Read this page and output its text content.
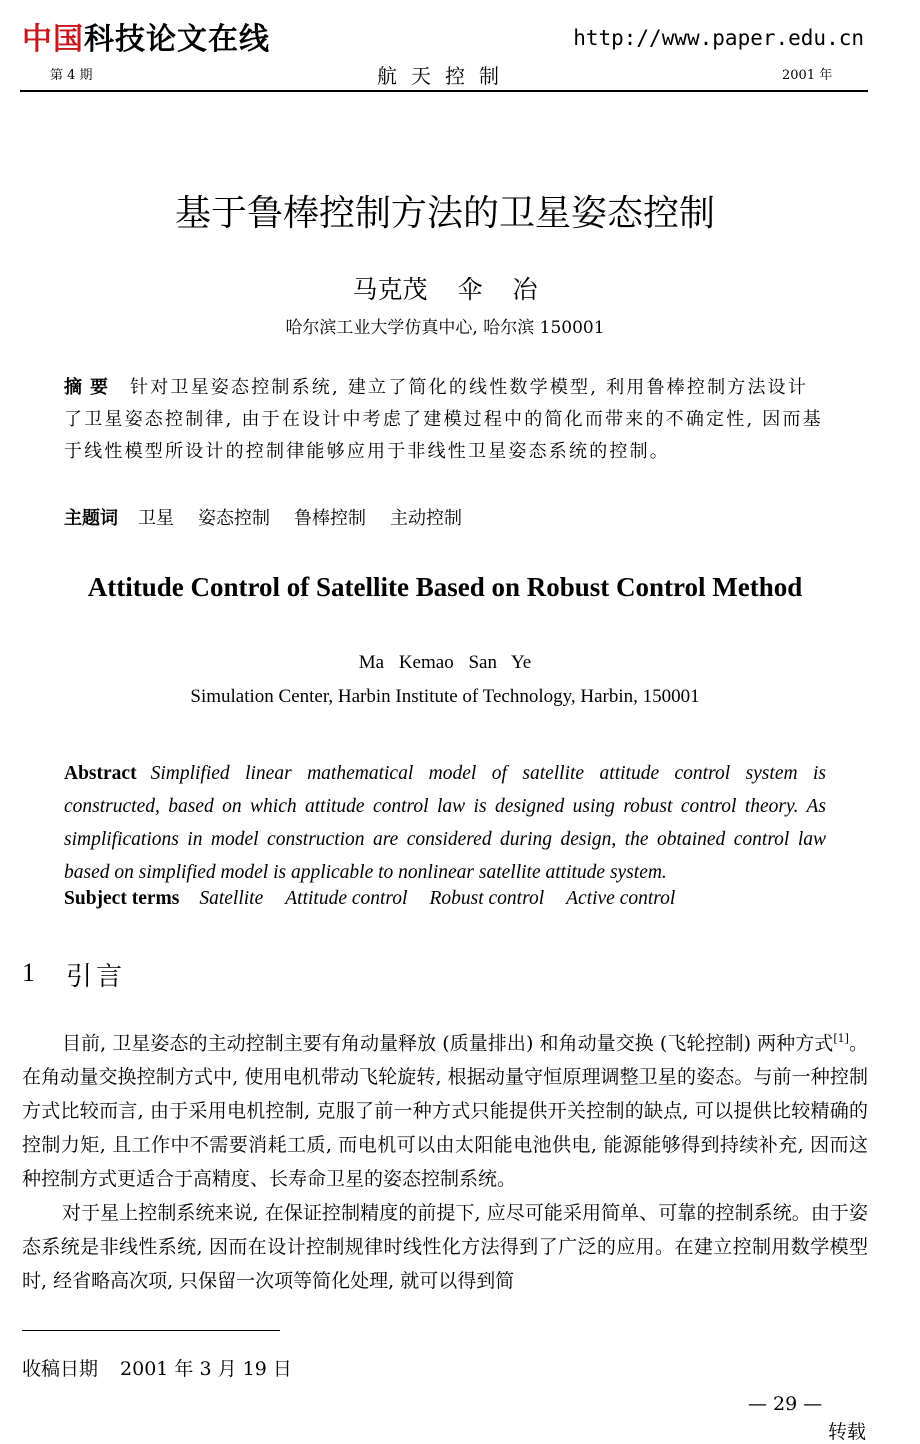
中国科技论文在线	http://www.paper.edu.cn
第 4 期	航天控制	2001 年
基于鲁棒控制方法的卫星姿态控制
马克茂 伞 冶
哈尔滨工业大学仿真中心, 哈尔滨 150001
摘要 针对卫星姿态控制系统, 建立了简化的线性数学模型, 利用鲁棒控制方法设计了卫星姿态控制律, 由于在设计中考虑了建模过程中的简化而带来的不确定性, 因而基于线性模型所设计的控制律能够应用于非线性卫星姿态系统的控制。
主题词 卫星 姿态控制 鲁棒控制 主动控制
Attitude Control of Satellite Based on Robust Control Method
Ma Kemao San Ye
Simulation Center, Harbin Institute of Technology, Harbin, 150001
Abstract Simplified linear mathematical model of satellite attitude control system is constructed, based on which attitude control law is designed using robust control theory. As simplifications in model construction are considered during design, the obtained control law based on simplified model is applicable to nonlinear satellite attitude system.
Subject terms Satellite Attitude control Robust control Active control
1 引言

目前, 卫星姿态的主动控制主要有角动量释放 (质量排出) 和角动量交换 (飞轮控制) 两种方式[1]。在角动量交换控制方式中, 使用电机带动飞轮旋转, 根据动量守恒原理调整卫星的姿态。与前一种控制方式比较而言, 由于采用电机控制, 克服了前一种方式只能提供开关控制的缺点, 可以提供比较精确的控制力矩, 且工作中不需要消耗工质, 而电机可以由太阳能电池供电, 能源能够得到持续补充, 因而这种控制方式更适合于高精度、长寿命卫星的姿态控制系统。

对于星上控制系统来说, 在保证控制精度的前提下, 应尽可能采用简单、可靠的控制系统。由于姿态系统是非线性系统, 因而在设计控制规律时线性化方法得到了广泛的应用。在建立控制用数学模型时, 经省略高次项, 只保留一次项等简化处理, 就可以得到简

收稿日期 2001 年 3 月 19 日
— 29 —
转载
